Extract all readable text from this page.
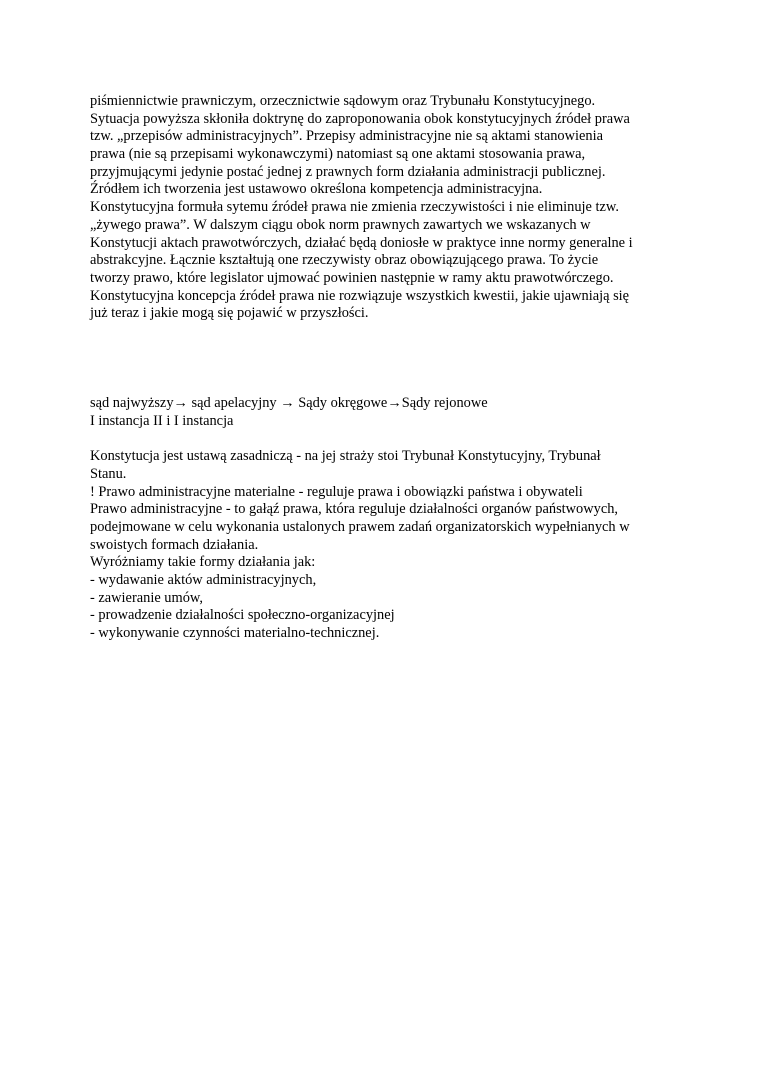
piśmiennictwie prawniczym, orzecznictwie sądowym oraz Trybunału Konstytucyjnego.

Sytuacja powyższa skłoniła doktrynę do zaproponowania obok konstytucyjnych źródeł prawa

tzw. „przepisów administracyjnych”. Przepisy administracyjne nie są aktami stanowienia

prawa (nie są przepisami wykonawczymi) natomiast są one aktami stosowania prawa,

przyjmującymi jedynie postać jednej z prawnych form działania administracji publicznej.

Źródłem ich tworzenia jest ustawowo określona kompetencja administracyjna.

Konstytucyjna formuła sytemu źródeł prawa nie zmienia rzeczywistości i nie eliminuje tzw.

„żywego prawa”. W dalszym ciągu obok norm prawnych zawartych we wskazanych w

Konstytucji aktach prawotwórczych, działać będą doniosłe w praktyce inne normy generalne i

abstrakcyjne. Łącznie kształtują one rzeczywisty obraz obowiązującego prawa. To życie

tworzy prawo, które legislator ujmować powinien następnie w ramy aktu prawotwórczego.

Konstytucyjna koncepcja źródeł prawa nie rozwiązuje wszystkich kwestii, jakie ujawniają się

już teraz i jakie mogą się pojawić w przyszłości.

sąd najwyższy→ sąd apelacyjny → Sądy okręgowe→Sądy rejonowe

I instancja II i I instancja

Konstytucja jest ustawą zasadniczą - na jej straży stoi Trybunał Konstytucyjny, Trybunał

Stanu.

! Prawo administracyjne materialne - reguluje prawa i obowiązki państwa i obywateli

Prawo administracyjne - to gałąź prawa, która reguluje działalności organów państwowych,

podejmowane w celu wykonania ustalonych prawem zadań organizatorskich wypełnianych w

swoistych formach działania.

Wyróżniamy takie formy działania jak:

- wydawanie aktów administracyjnych,

- zawieranie umów,

- prowadzenie działalności społeczno-organizacyjnej

- wykonywanie czynności materialno-technicznej.
